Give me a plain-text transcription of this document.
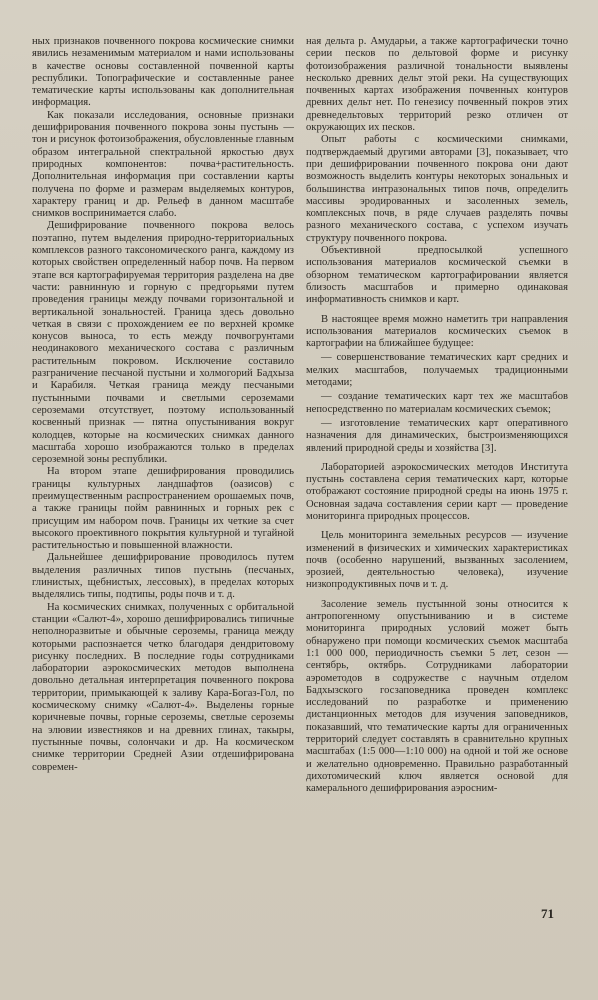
ных признаков почвенного покрова космические снимки явились незаменимым материалом и нами использованы в качестве основы составленной почвенной карты республики. Топографические и составленные ранее тематические карты использованы как дополнительная информация.

Как показали исследования, основные признаки дешифрирования почвенного покрова зоны пустынь — тон и рисунок фотоизображения, обусловленные главным образом интегральной спектральной яркостью двух природных компонентов: почва+растительность. Дополнительная информация при составлении карты получена по форме и размерам выделяемых контуров, характеру границ и др. Рельеф в данном масштабе снимков воспринимается слабо.

Дешифрирование почвенного покрова велось поэтапно, путем выделения природно-территориальных комплексов разного таксономического ранга, каждому из которых свойствен определенный набор почв. На первом этапе вся картографируемая территория разделена на две части: равнинную и горную с предгорьями путем проведения границы между почвами горизонтальной и вертикальной зональностей. Граница здесь довольно четкая в связи с прохождением ее по верхней кромке конусов выноса, то есть между почвогрунтами неодинакового механического состава с различным растительным покровом. Исключение составило разграничение песчаной пустыни и холмогорий Бадхыза и Карабиля. Четкая граница между песчаными пустынными почвами и светлыми сероземами сероземами отсутствует, поэтому использованный косвенный признак — пятна опустынивания вокруг колодцев, которые на космических снимках данного масштаба хорошо изображаются только в пределах сероземной зоны республики.

На втором этапе дешифрирования проводились границы культурных ландшафтов (оазисов) с преимущественным распространением орошаемых почв, а также границы пойм равнинных и горных рек с присущим им набором почв. Границы их четкие за счет высокого проективного покрытия культурной и тугайной растительностью и повышенной влажности.

Дальнейшее дешифрирование проводилось путем выделения различных типов пустынь (песчаных, глинистых, щебнистых, лессовых), в пределах которых выделялись типы, подтипы, роды почв и т. д.

На космических снимках, полученных с орбитальной станции «Салют-4», хорошо дешифрировались типичные неполноразвитые и обычные сероземы, граница между которыми распознается четко благодаря дендритовому рисунку последних. В последние годы сотрудниками лаборатории аэрокосмических методов выполнена довольно детальная интерпретация почвенного покрова территории, примыкающей к заливу Кара-Богаз-Гол, по космическому снимку «Салют-4». Выделены горные коричневые почвы, горные сероземы, светлые сероземы на элювии известняков и на древних глинах, такыры, пустынные почвы, солончаки и др. На космическом снимке территории Средней Азии отдешифрирована современ-

ная дельта р. Амударьи, а также картографически точно серии песков по дельтовой форме и рисунку фотоизображения различной тональности выявлены несколько древних дельт этой реки. На существующих почвенных картах изображения почвенных контуров древних дельт нет. По генезису почвенный покров этих древнедельтовых территорий резко отличен от окружающих их песков.

Опыт работы с космическими снимками, подтверждаемый другими авторами [3], показывает, что при дешифрировании почвенного покрова они дают возможность выделить контуры некоторых зональных и большинства интразональных типов почв, определить массивы эродированных и засоленных земель, комплексных почв, в ряде случаев разделять почвы разного механического состава, с успехом изучать структуру почвенного покрова.

Объективной предпосылкой успешного использования материалов космической съемки в обзорном тематическом картографировании является близость масштабов и примерно одинаковая информативность снимков и карт.

В настоящее время можно наметить три направления использования материалов космических съемок в картографии на ближайшее будущее:

— совершенствование тематических карт средних и мелких масштабов, получаемых традиционными методами;

— создание тематических карт тех же масштабов непосредственно по материалам космических съемок;

— изготовление тематических карт оперативного назначения для динамических, быстроизменяющихся явлений природной среды и хозяйства [3].

Лабораторией аэрокосмических методов Института пустынь составлена серия тематических карт, которые отображают состояние природной среды на июнь 1975 г. Основная задача составления серии карт — проведение мониторинга природных процессов.

Цель мониторинга земельных ресурсов — изучение изменений в физических и химических характеристиках почв (особенно нарушений, вызванных засолением, эрозией, деятельностью человека), изучение низкопродуктивных почв и т. д.

Засоление земель пустынной зоны относится к антропогенному опустыниванию и в системе мониторинга природных условий может быть обнаружено при помощи космических съемок масштаба 1:1 000 000, периодичность съемки 5 лет, сезон — сентябрь, октябрь. Сотрудниками лаборатории аэрометодов в содружестве с научным отделом Бадхызского госзаповедника проведен комплекс исследований по разработке и применению дистанционных методов для изучения заповедников, показавший, что тематические карты для ограниченных территорий следует составлять в сравнительно крупных масштабах (1:5 000—1:10 000) на одной и той же основе и желательно одновременно. Правильно разработанный дихотомический ключ является основой для камерального дешифрирования аэросним-

71
